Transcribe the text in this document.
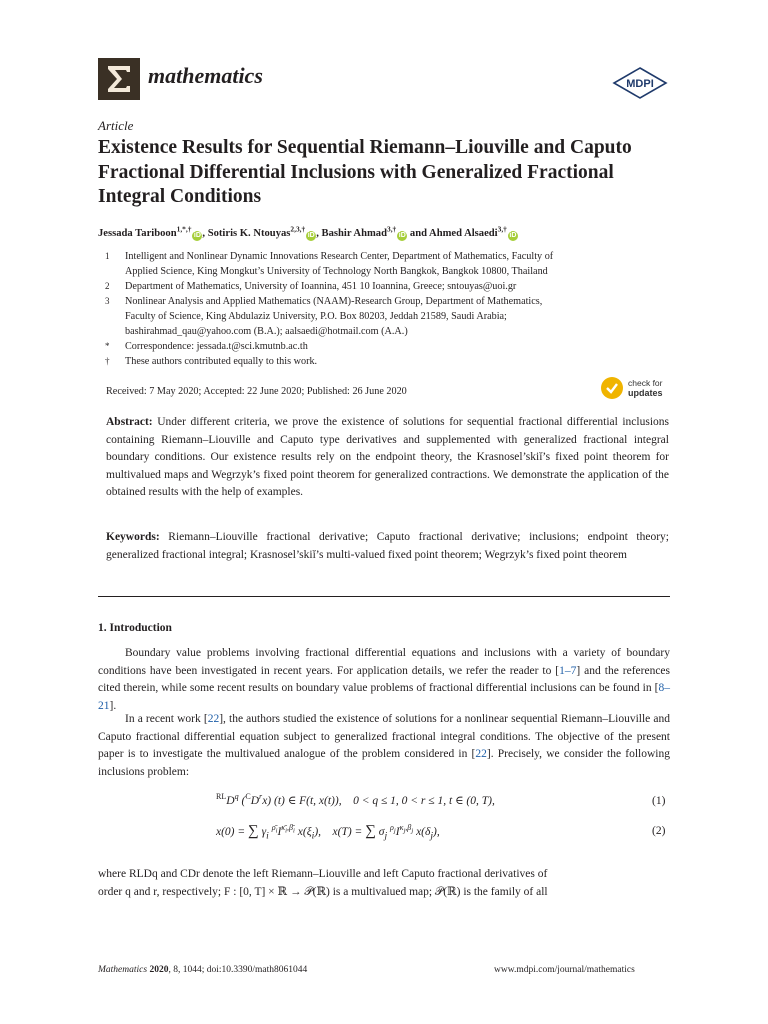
mathematics	MDPI
Article
Existence Results for Sequential Riemann–Liouville and Caputo Fractional Differential Inclusions with Generalized Fractional Integral Conditions
Jessada Tariboon$^{1,*,\dagger}$iD , Sotiris K. Ntouyas$^{2,3,\dagger}$iD , Bashir Ahmad$^{3,\dagger}$iD and Ahmed Alsaedi$^{3,\dagger}$iD
1 Intelligent and Nonlinear Dynamic Innovations Research Center, Department of Mathematics, Faculty of
Applied Science, King Mongkut’s University of Technology North Bangkok, Bangkok 10800, Thailand
2 Department of Mathematics, University of Ioannina, 451 10 Ioannina, Greece; sntouyas@uoi.gr
3 Nonlinear Analysis and Applied Mathematics (NAAM)-Research Group, Department of Mathematics,
Faculty of Science, King Abdulaziz University, P.O. Box 80203, Jeddah 21589, Saudi Arabia;
bashirahmad_qau@yahoo.com (B.A.); aalsaedi@hotmail.com (A.A.)
* Correspondence: jessada.t@sci.kmutnb.ac.th
† These authors contributed equally to this work.
Received: 7 May 2020; Accepted: 22 June 2020; Published: 26 June 2020
check for
updates
Abstract: Under different criteria, we prove the existence of solutions for sequential fractional differential inclusions containing Riemann–Liouville and Caputo type derivatives and supplemented with generalized fractional integral boundary conditions. Our existence results rely on the endpoint theory, the Krasnosel’skiĭ’s fixed point theorem for multivalued maps and Wegrzyk’s fixed point theorem for generalized contractions. We demonstrate the application of the obtained results with the help of examples.
Keywords: Riemann–Liouville fractional derivative; Caputo fractional derivative; inclusions; endpoint theory; generalized fractional integral; Krasnosel’skiĭ’s multi-valued fixed point theorem; Wegrzyk’s fixed point theorem
1. Introduction
Boundary value problems involving fractional differential equations and inclusions with a variety of boundary conditions have been investigated in recent years. For application details, we refer the reader to [1–7] and the references cited therein, while some recent results on boundary value problems of fractional differential inclusions can be found in [8–21].
In a recent work [22], the authors studied the existence of solutions for a nonlinear sequential Riemann–Liouville and Caputo fractional differential equation subject to generalized fractional integral conditions. The objective of the present paper is to investigate the multivalued analogue of the problem considered in [22]. Precisely, we consider the following inclusions problem:
$^{RL}D^q$ $(^CD^rx)$ (t) ∈ F(t, x(t)),    0 < q ≤ 1, 0 < r ≤ 1, t ∈ (0, T),	(1)
x(0) = ∑ $\gamma_i$ $^{\rhō_i}I^{\kappā_i,\betā_i}$ $x(\xi_i)$,    x(T) = ∑ $\sigma_j$ $^{\rho_j}I^{\kappa_j,\beta_j}$ $x(\delta_j)$,	(2)
where RLDq and CDr denote the left Riemann–Liouville and left Caputo fractional derivatives of
order q and r, respectively; F : [0, T] × ℝ → 𝒫(ℝ) is a multivalued map; 𝒫(ℝ) is the family of all
Mathematics 2020, 8, 1044; doi:10.3390/math8061044	www.mdpi.com/journal/mathematics
